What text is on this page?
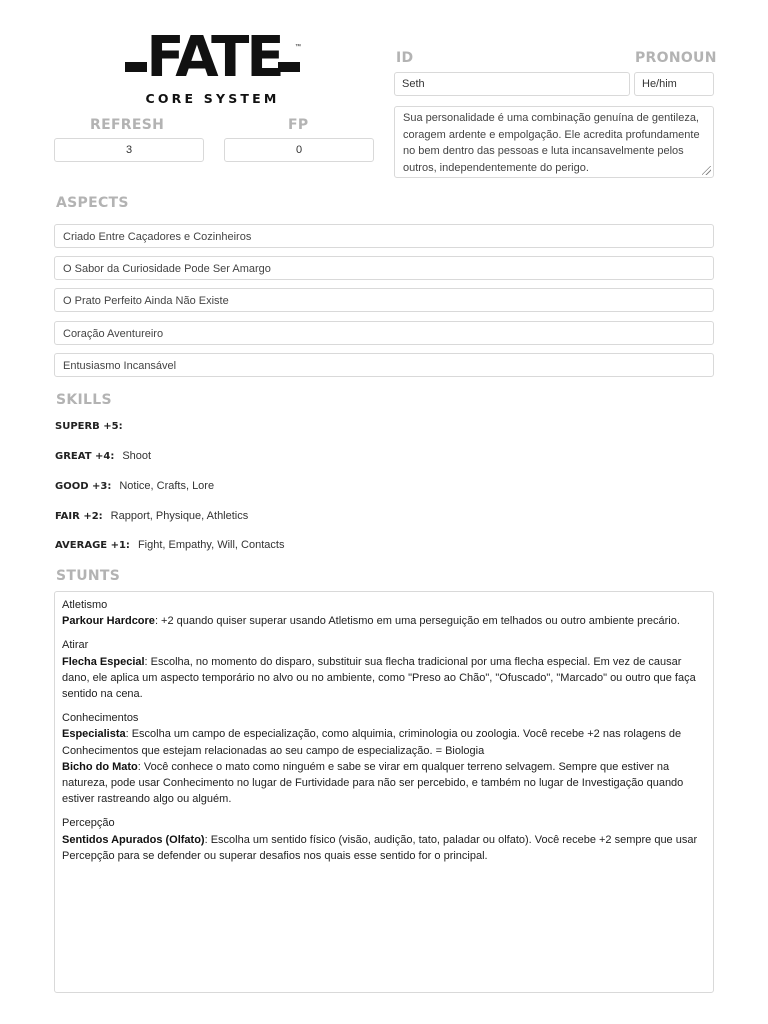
FATE	™
CORE SYSTEM
REFRESH	FP
3	0
ID	PRONOUN
Seth	He/him
Sua personalidade é uma combinação genuína de gentileza, coragem ardente e empolgação. Ele acredita profundamente no bem dentro das pessoas e luta incansavelmente pelos outros, independentemente do perigo.
ASPECTS
Criado Entre Caçadores e Cozinheiros
O Sabor da Curiosidade Pode Ser Amargo
O Prato Perfeito Ainda Não Existe
Coração Aventureiro
Entusiasmo Incansável
SKILLS
SUPERB +5:
GREAT +4: Shoot
GOOD +3: Notice, Crafts, Lore
FAIR +2: Rapport, Physique, Athletics
AVERAGE +1: Fight, Empathy, Will, Contacts
STUNTS
Atletismo
Parkour Hardcore: +2 quando quiser superar usando Atletismo em uma perseguição em telhados ou outro ambiente precário.
Atirar
Flecha Especial: Escolha, no momento do disparo, substituir sua flecha tradicional por uma flecha especial. Em vez de causar dano, ele aplica um aspecto temporário no alvo ou no ambiente, como "Preso ao Chão", "Ofuscado", "Marcado" ou outro que faça sentido na cena.
Conhecimentos
Especialista: Escolha um campo de especialização, como alquimia, criminologia ou zoologia. Você recebe +2 nas rolagens de Conhecimentos que estejam relacionadas ao seu campo de especialização. = Biologia
Bicho do Mato: Você conhece o mato como ninguém e sabe se virar em qualquer terreno selvagem. Sempre que estiver na natureza, pode usar Conhecimento no lugar de Furtividade para não ser percebido, e também no lugar de Investigação quando estiver rastreando algo ou alguém.
Percepção
Sentidos Apurados (Olfato): Escolha um sentido físico (visão, audição, tato, paladar ou olfato). Você recebe +2 sempre que usar Percepção para se defender ou superar desafios nos quais esse sentido for o principal.
